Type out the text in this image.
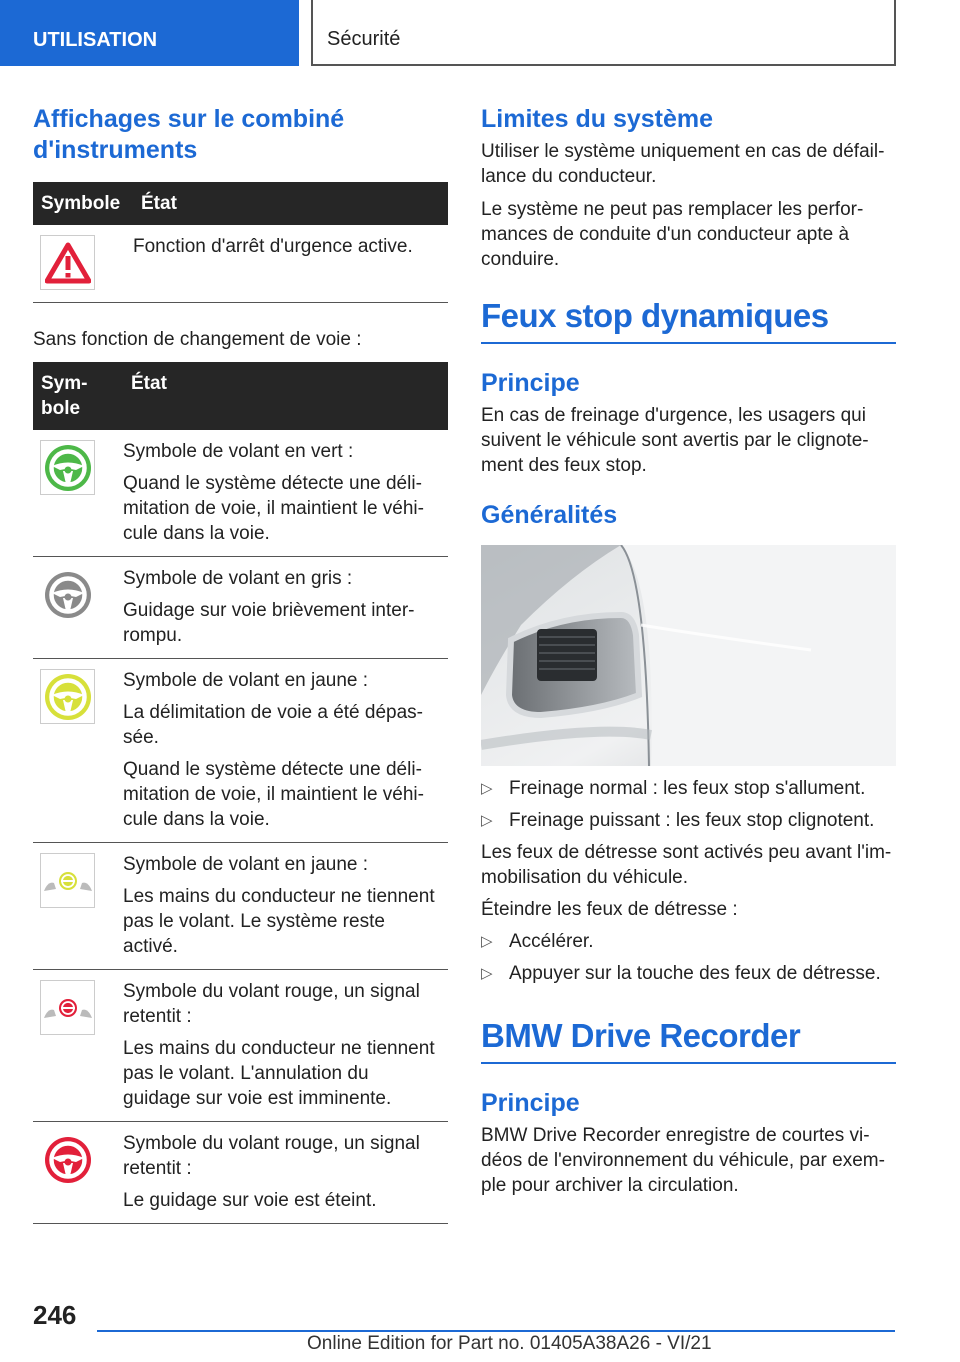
UTILISATION	Sécurité
Affichages sur le combiné d'instruments
Symbole	État

Fonction d'arrêt d'urgence active.

Sans fonction de changement de voie :

Sym-
bole	État

Symbole de volant en vert :

Quand le système détecte une délimitation de voie, il maintient le véhicule dans la voie.

Symbole de volant en gris :

Guidage sur voie brièvement interrompu.

Symbole de volant en jaune :

La délimitation de voie a été dépassée.

Quand le système détecte une délimitation de voie, il maintient le véhicule dans la voie.

Symbole de volant en jaune :

Les mains du conducteur ne tiennent pas le volant. Le système reste activé.

Symbole du volant rouge, un signal retentit :

Les mains du conducteur ne tiennent pas le volant. L'annulation du guidage sur voie est imminente.

Symbole du volant rouge, un signal retentit :

Le guidage sur voie est éteint.

Limites du système

Utiliser le système uniquement en cas de défaillance du conducteur.

Le système ne peut pas remplacer les performances de conduite d'un conducteur apte à conduire.

Feux stop dynamiques
Principe

En cas de freinage d'urgence, les usagers qui suivent le véhicule sont avertis par le clignotement des feux stop.

Généralités
▷ Freinage normal : les feux stop s'allument.
▷ Freinage puissant : les feux stop clignotent.

Les feux de détresse sont activés peu avant l'immobilisation du véhicule.

Éteindre les feux de détresse :

▷ Accélérer.
▷ Appuyer sur la touche des feux de détresse.
BMW Drive Recorder
Principe

BMW Drive Recorder enregistre de courtes vidéos de l'environnement du véhicule, par exemple pour archiver la circulation.

246
Online Edition for Part no. 01405A38A26 - VI/21
